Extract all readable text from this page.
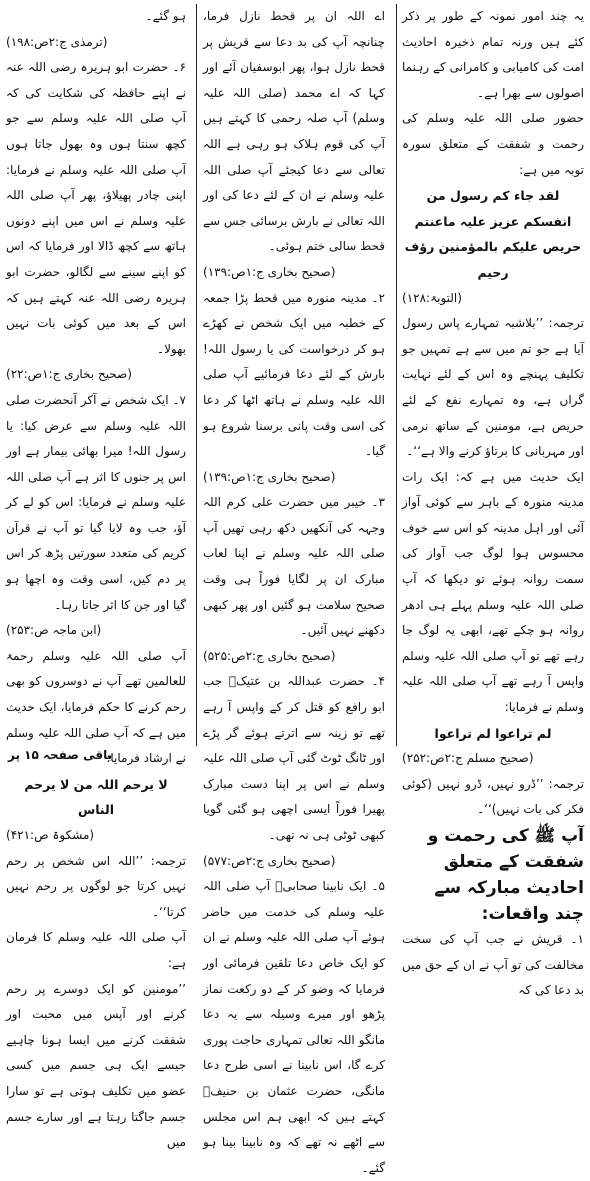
یہ چند امور نمونہ کے طور پر ذکر کئے ہیں ورنہ تمام ذخیرہ احادیث امت کی کامیابی و کامرانی کے رہنما اصولوں سے بھرا ہے۔

حضور صلی اللہ علیہ وسلم کی رحمت و شفقت کے متعلق سورہ توبہ میں ہے:

لقد جاء کم رسول من انفسکم عزیز علیہ ماعنتم حریص علیکم بالمؤمنین رؤف رحیم

(التوبۃ:۱۲۸)

ترجمہ: ’’بلاشبہ تمہارے پاس رسول آیا ہے جو تم میں سے ہے تمہیں جو تکلیف پہنچے وہ اس کے لئے نہایت گراں ہے، وہ تمہارے نفع کے لئے حریص ہے، مومنین کے ساتھ نرمی اور مہربانی کا برتاؤ کرنے والا ہے‘‘۔

ایک حدیث میں ہے کہ: ایک رات مدینہ منورہ کے باہر سے کوئی آواز آئی اور اہل مدینہ کو اس سے خوف محسوس ہوا لوگ جب آواز کی سمت روانہ ہوئے تو دیکھا کہ آپ صلی اللہ علیہ وسلم پہلے ہی ادھر روانہ ہو چکے تھے، ابھی یہ لوگ جا رہے تھے تو آپ صلی اللہ علیہ وسلم واپس آ رہے تھے آپ صلی اللہ علیہ وسلم نے فرمایا:

لم تراعوا لم تراعوا

(صحیح مسلم ج:۲ص:۲۵۲)

ترجمہ: ’’ڈرو نہیں، ڈرو نہیں (کوئی فکر کی بات نہیں)‘‘۔

آپ ﷺ کی رحمت و شفقت کے متعلق احادیث مبارکہ سے چند واقعات:

۱۔ قریش نے جب آپ کی سخت مخالفت کی تو آپ نے ان کے حق میں بد دعا کی کہ

اے اللہ ان پر قحط نازل فرما، چنانچہ آپ کی بد دعا سے قریش پر قحط نازل ہوا، پھر ابوسفیان آئے اور کہا کہ اے محمد (صلی اللہ علیہ وسلم) آپ صلہ رحمی کا کہتے ہیں آپ کی قوم ہلاک ہو رہی ہے اللہ تعالی سے دعا کیجئے آپ صلی اللہ علیہ وسلم نے ان کے لئے دعا کی اور اللہ تعالی نے بارش برسائی جس سے قحط سالی ختم ہوئی۔

(صحیح بخاری ج:۱ص:۱۳۹)

۲۔ مدینہ منورہ میں قحط پڑا جمعہ کے خطبہ میں ایک شخص نے کھڑے ہو کر درخواست کی یا رسول اللہ! بارش کے لئے دعا فرمائیے آپ صلی اللہ علیہ وسلم نے ہاتھ اٹھا کر دعا کی اسی وقت پانی برسنا شروع ہو گیا۔

(صحیح بخاری ج:۱ص:۱۳۹)

۳۔ خیبر میں حضرت علی کرم اللہ وجہہ کی آنکھیں دکھ رہی تھیں آپ صلی اللہ علیہ وسلم نے اپنا لعاب مبارک ان پر لگایا فوراً ہی وقت صحیح سلامت ہو گئیں اور پھر کبھی دکھنے نہیں آئیں۔

(صحیح بخاری ج:۲ص:۵۲۵)

۴۔ حضرت عبداللہ بن عتیکؓ جب ابو رافع کو قتل کر کے واپس آ رہے تھے تو زینہ سے اترتے ہوئے گر پڑے اور ٹانگ ٹوٹ گئی آپ صلی اللہ علیہ وسلم نے اس پر اپنا دست مبارک پھیرا فوراً ایسی اچھی ہو گئی گویا کبھی ٹوٹی ہی نہ تھی۔

(صحیح بخاری ج:۲ص:۵۷۷)

۵۔ ایک نابینا صحابیؓ آپ صلی اللہ علیہ وسلم کی خدمت میں حاضر ہوئے آپ صلی اللہ علیہ وسلم نے ان کو ایک خاص دعا تلقین فرمائی اور فرمایا کہ وضو کر کے دو رکعت نماز پڑھو اور میرے وسیلہ سے یہ دعا مانگو اللہ تعالی تمہاری حاجت پوری کرے گا، اس نابینا نے اسی طرح دعا مانگی، حضرت عثمان بن حنیفؓ کہتے ہیں کہ ابھی ہم اس مجلس سے اٹھے نہ تھے کہ وہ نابینا بینا ہو گئے۔

ہو گئے۔

(ترمذی ج:۲ص:۱۹۸)

۶۔ حضرت ابو ہریرہ رضی اللہ عنہ نے اپنے حافظہ کی شکایت کی کہ آپ صلی اللہ علیہ وسلم سے جو کچھ سنتا ہوں وہ بھول جاتا ہوں آپ صلی اللہ علیہ وسلم نے فرمایا: اپنی چادر پھیلاؤ، پھر آپ صلی اللہ علیہ وسلم نے اس میں اپنے دونوں ہاتھ سے کچھ ڈالا اور فرمایا کہ اس کو اپنے سینے سے لگالو، حضرت ابو ہریرہ رضی اللہ عنہ کہتے ہیں کہ اس کے بعد میں کوئی بات نہیں بھولا۔

(صحیح بخاری ج:۱ص:۲۲)

۷۔ ایک شخص نے آکر آنحضرت صلی اللہ علیہ وسلم سے عرض کیا: یا رسول اللہ! میرا بھائی بیمار ہے اور اس پر جنوں کا اثر ہے آپ صلی اللہ علیہ وسلم نے فرمایا: اس کو لے کر آؤ، جب وہ لایا گیا تو آپ نے قرآن کریم کی متعدد سورتیں پڑھ کر اس پر دم کیں، اسی وقت وہ اچھا ہو گیا اور جن کا اثر جاتا رہا۔

(ابن ماجہ ص:۲۵۳)

آپ صلی اللہ علیہ وسلم رحمۃ للعالمین تھے آپ نے دوسروں کو بھی رحم کرنے کا حکم فرمایا، ایک حدیث میں ہے کہ آپ صلی اللہ علیہ وسلم نے ارشاد فرمایا:

لا یرحم اللہ من لا یرحم الناس

(مشکوۃ ص:۴۲۱)

ترجمہ: ’’اللہ اس شخص پر رحم نہیں کرتا جو لوگوں پر رحم نہیں کرتا‘‘۔

آپ صلی اللہ علیہ وسلم کا فرمان ہے:

’’مومنین کو ایک دوسرے پر رحم کرنے اور آپس میں محبت اور شفقت کرنے میں ایسا ہونا چاہیے جیسے ایک ہی جسم میں کسی عضو میں تکلیف ہوتی ہے تو سارا جسم جاگتا رہتا ہے اور سارے جسم میں

باقی صفحہ ۱۵ پر
